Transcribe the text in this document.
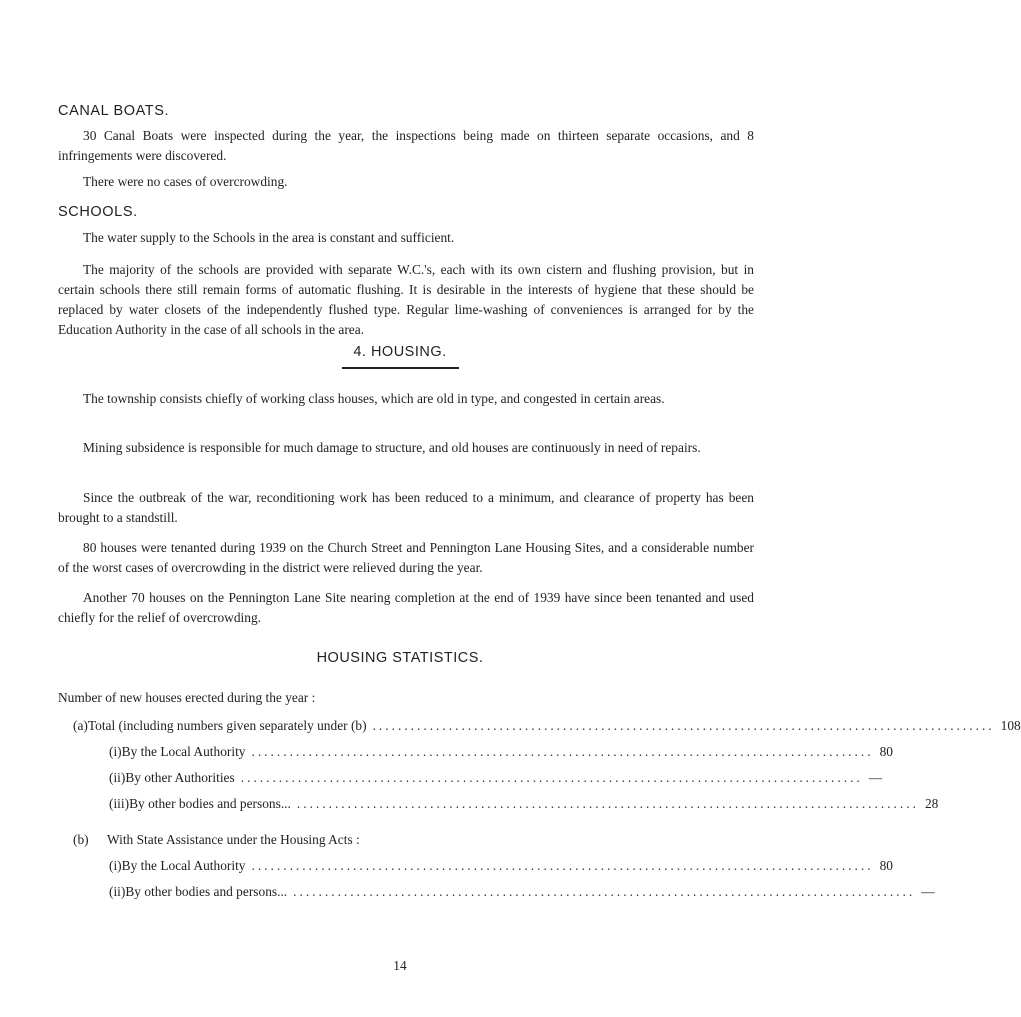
CANAL BOATS.

30 Canal Boats were inspected during the year, the inspections being made on thirteen separate occasions, and 8 infringements were discovered.

There were no cases of overcrowding.

SCHOOLS.

The water supply to the Schools in the area is constant and sufficient.

The majority of the schools are provided with separate W.C.'s, each with its own cistern and flushing provision, but in certain schools there still remain forms of automatic flushing. It is desirable in the interests of hygiene that these should be replaced by water closets of the independently flushed type. Regular lime-washing of conveniences is arranged for by the Education Authority in the case of all schools in the area.

4. HOUSING.

The township consists chiefly of working class houses, which are old in type, and congested in certain areas.

Mining subsidence is responsible for much damage to structure, and old houses are continuously in need of repairs.

Since the outbreak of the war, reconditioning work has been reduced to a minimum, and clearance of property has been brought to a standstill.

80 houses were tenanted during 1939 on the Church Street and Pennington Lane Housing Sites, and a considerable number of the worst cases of overcrowding in the district were relieved during the year.

Another 70 houses on the Pennington Lane Site nearing completion at the end of 1939 have since been tenanted and used chiefly for the relief of overcrowding.

HOUSING STATISTICS.
Number of new houses erected during the year :
(a) Total (including numbers given separately under (b) .................................................................................................. 108
(i) By the Local Authority .................................................................................................. 80
(ii) By other Authorities .................................................................................................. —
(iii) By other bodies and persons... .................................................................................................. 28
(b)	With State Assistance under the Housing Acts :
(i) By the Local Authority .................................................................................................. 80
(ii) By other bodies and persons... .................................................................................................. —
14
